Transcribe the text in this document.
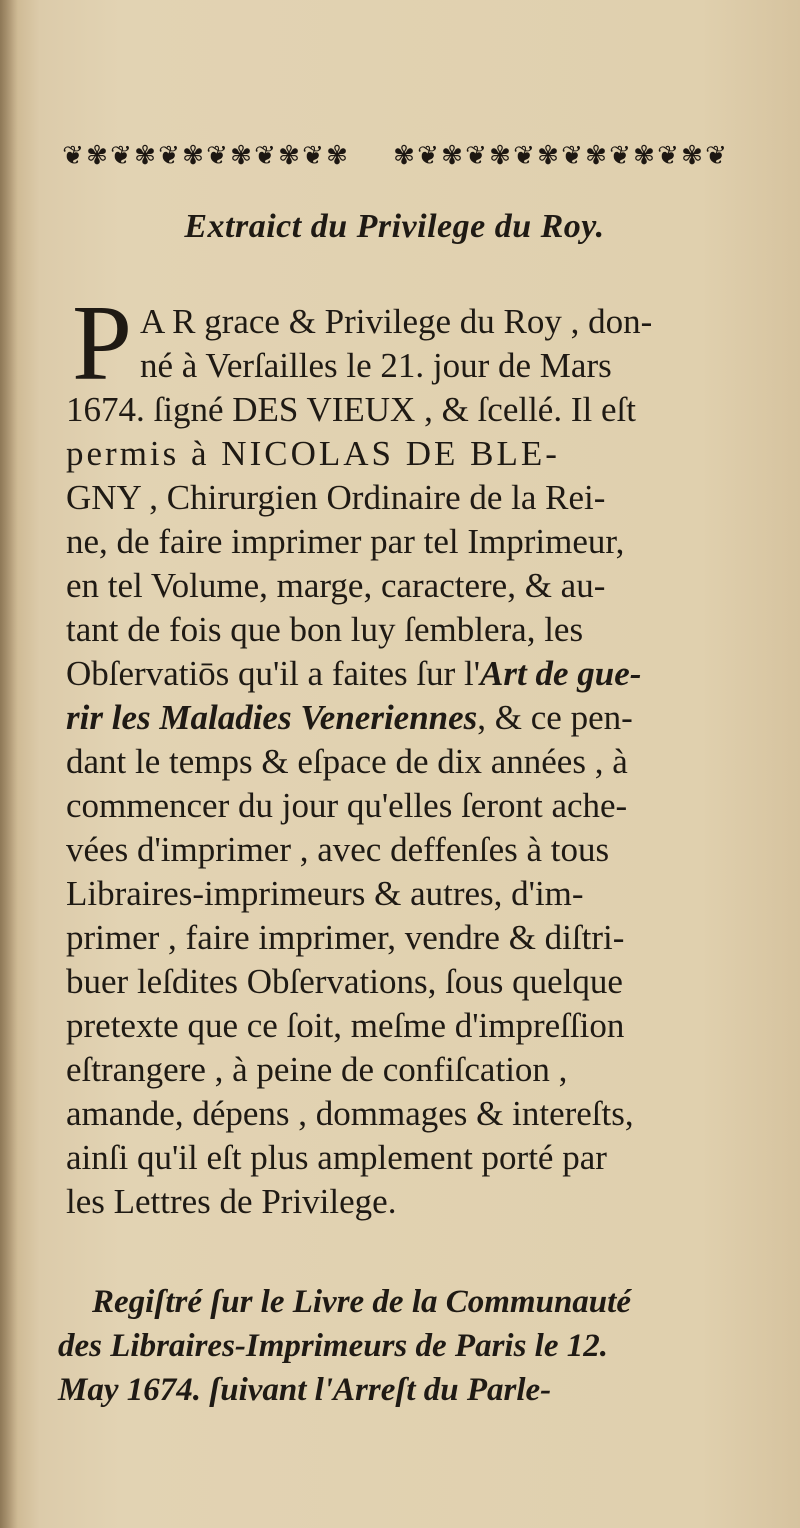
❦ ✾ ❦ ✾ ❦ ✾ ❦ ✾ ❦ ✾ ❦ ✾ ✾ ❦ ✾ ❦ ✾ ❦ ✾ ❦ ✾ ❦ ✾ ❦ ✾ ❦
Extraict du Privilege du Roy.
P A R grace & Privilege du Roy , don-
né à Verſailles le 21. jour de Mars
1674. ſigné DES VIEUX , & ſcellé. Il eſt
permis à NICOLAS DE BLE-
GNY , Chirurgien Ordinaire de la Rei-
ne, de faire imprimer par tel Imprimeur,
en tel Volume, marge, caractere, & au-
tant de fois que bon luy ſemblera, les
Obſervatiōs qu'il a faites ſur l'Art de gue-
rir les Maladies Veneriennes, & ce pen-
dant le temps & eſpace de dix années , à
commencer du jour qu'elles ſeront ache-
vées d'imprimer , avec deffenſes à tous
Libraires-imprimeurs & autres, d'im-
primer , faire imprimer, vendre & diſtri-
buer leſdites Obſervations, ſous quelque
pretexte que ce ſoit, meſme d'impreſſion
eſtrangere , à peine de confiſcation ,
amande, dépens , dommages & intereſts,
ainſi qu'il eſt plus amplement porté par
les Lettres de Privilege.
Regiſtré ſur le Livre de la Communauté
des Libraires-Imprimeurs de Paris le 12.
May 1674. ſuivant l'Arreſt du Parle-
